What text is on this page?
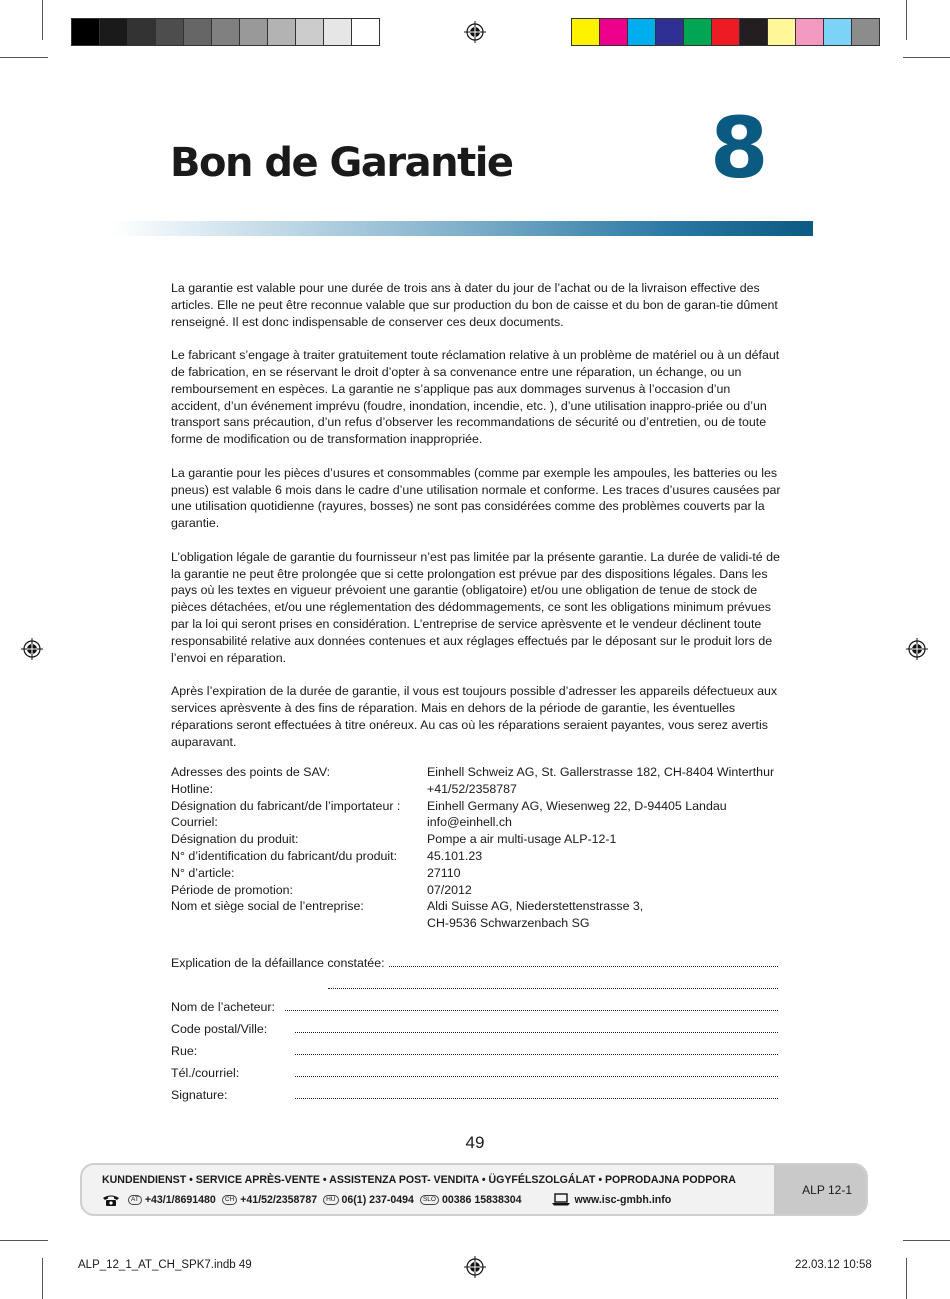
Bon de Garantie 8

La garantie est valable pour une durée de trois ans à dater du jour de l’achat ou de la livraison effective des articles. Elle ne peut être reconnue valable que sur production du bon de caisse et du bon de garan-tie dûment renseigné. Il est donc indispensable de conserver ces deux documents.

Le fabricant s’engage à traiter gratuitement toute réclamation relative à un problème de matériel ou à un défaut de fabrication, en se réservant le droit d’opter à sa convenance entre une réparation, un échange, ou un remboursement en espèces. La garantie ne s’applique pas aux dommages survenus à l’occasion d’un accident, d’un événement imprévu (foudre, inondation, incendie, etc. ), d’une utilisation inappro-priée ou d’un transport sans précaution, d’un refus d’observer les recommandations de sécurité ou d’entretien, ou de toute forme de modification ou de transformation inappropriée.

La garantie pour les pièces d’usures et consommables (comme par exemple les ampoules, les batteries ou les pneus) est valable 6 mois dans le cadre d’une utilisation normale et conforme. Les traces d’usures causées par une utilisation quotidienne (rayures, bosses) ne sont pas considérées comme des problèmes couverts par la garantie.

L’obligation légale de garantie du fournisseur n’est pas limitée par la présente garantie. La durée de validi-té de la garantie ne peut être prolongée que si cette prolongation est prévue par des dispositions légales. Dans les pays où les textes en vigueur prévoient une garantie (obligatoire) et/ou une obligation de tenue de stock de pièces détachées, et/ou une réglementation des dédommagements, ce sont les obligations minimum prévues par la loi qui seront prises en considération. L’entreprise de service aprèsvente et le vendeur déclinent toute responsabilité relative aux données contenues et aux réglages effectués par le déposant sur le produit lors de l’envoi en réparation.

Après l’expiration de la durée de garantie, il vous est toujours possible d’adresser les appareils défectueux aux services aprèsvente à des fins de réparation. Mais en dehors de la période de garantie, les éventuelles réparations seront effectuées à titre onéreux. Au cas où les réparations seraient payantes, vous serez avertis auparavant.

Adresses des points de SAV:	Einhell Schweiz AG, St. Gallerstrasse 182, CH-8404 Winterthur
Hotline:	+41/52/2358787
Désignation du fabricant/de l’importateur :	Einhell Germany AG, Wiesenweg 22, D-94405 Landau
Courriel:	info@einhell.ch
Désignation du produit:	Pompe a air multi-usage ALP-12-1
N° d’identification du fabricant/du produit:	45.101.23
N° d’article:	27110
Période de promotion:	07/2012
Nom et siège social de l’entreprise:	Aldi Suisse AG, Niederstettenstrasse 3,
CH-9536 Schwarzenbach SG
Explication de la défaillance constatée:
Nom de l’acheteur:
Code postal/Ville:
Rue:
Tél./courriel:
Signature:
49
KUNDENDIENST • SERVICE APRÈS-VENTE • ASSISTENZA POST- VENDITA • ÜGYFÉLSZOLGÁLAT • POPRODAJNA PODPORA
AT +43/1/8691480	CH +41/52/2358787	HU 06(1) 237-0494	SLO 00386 15838304	www.isc-gmbh.info
ALP 12-1
ALP_12_1_AT_CH_SPK7.indb 49	22.03.12 10:58
